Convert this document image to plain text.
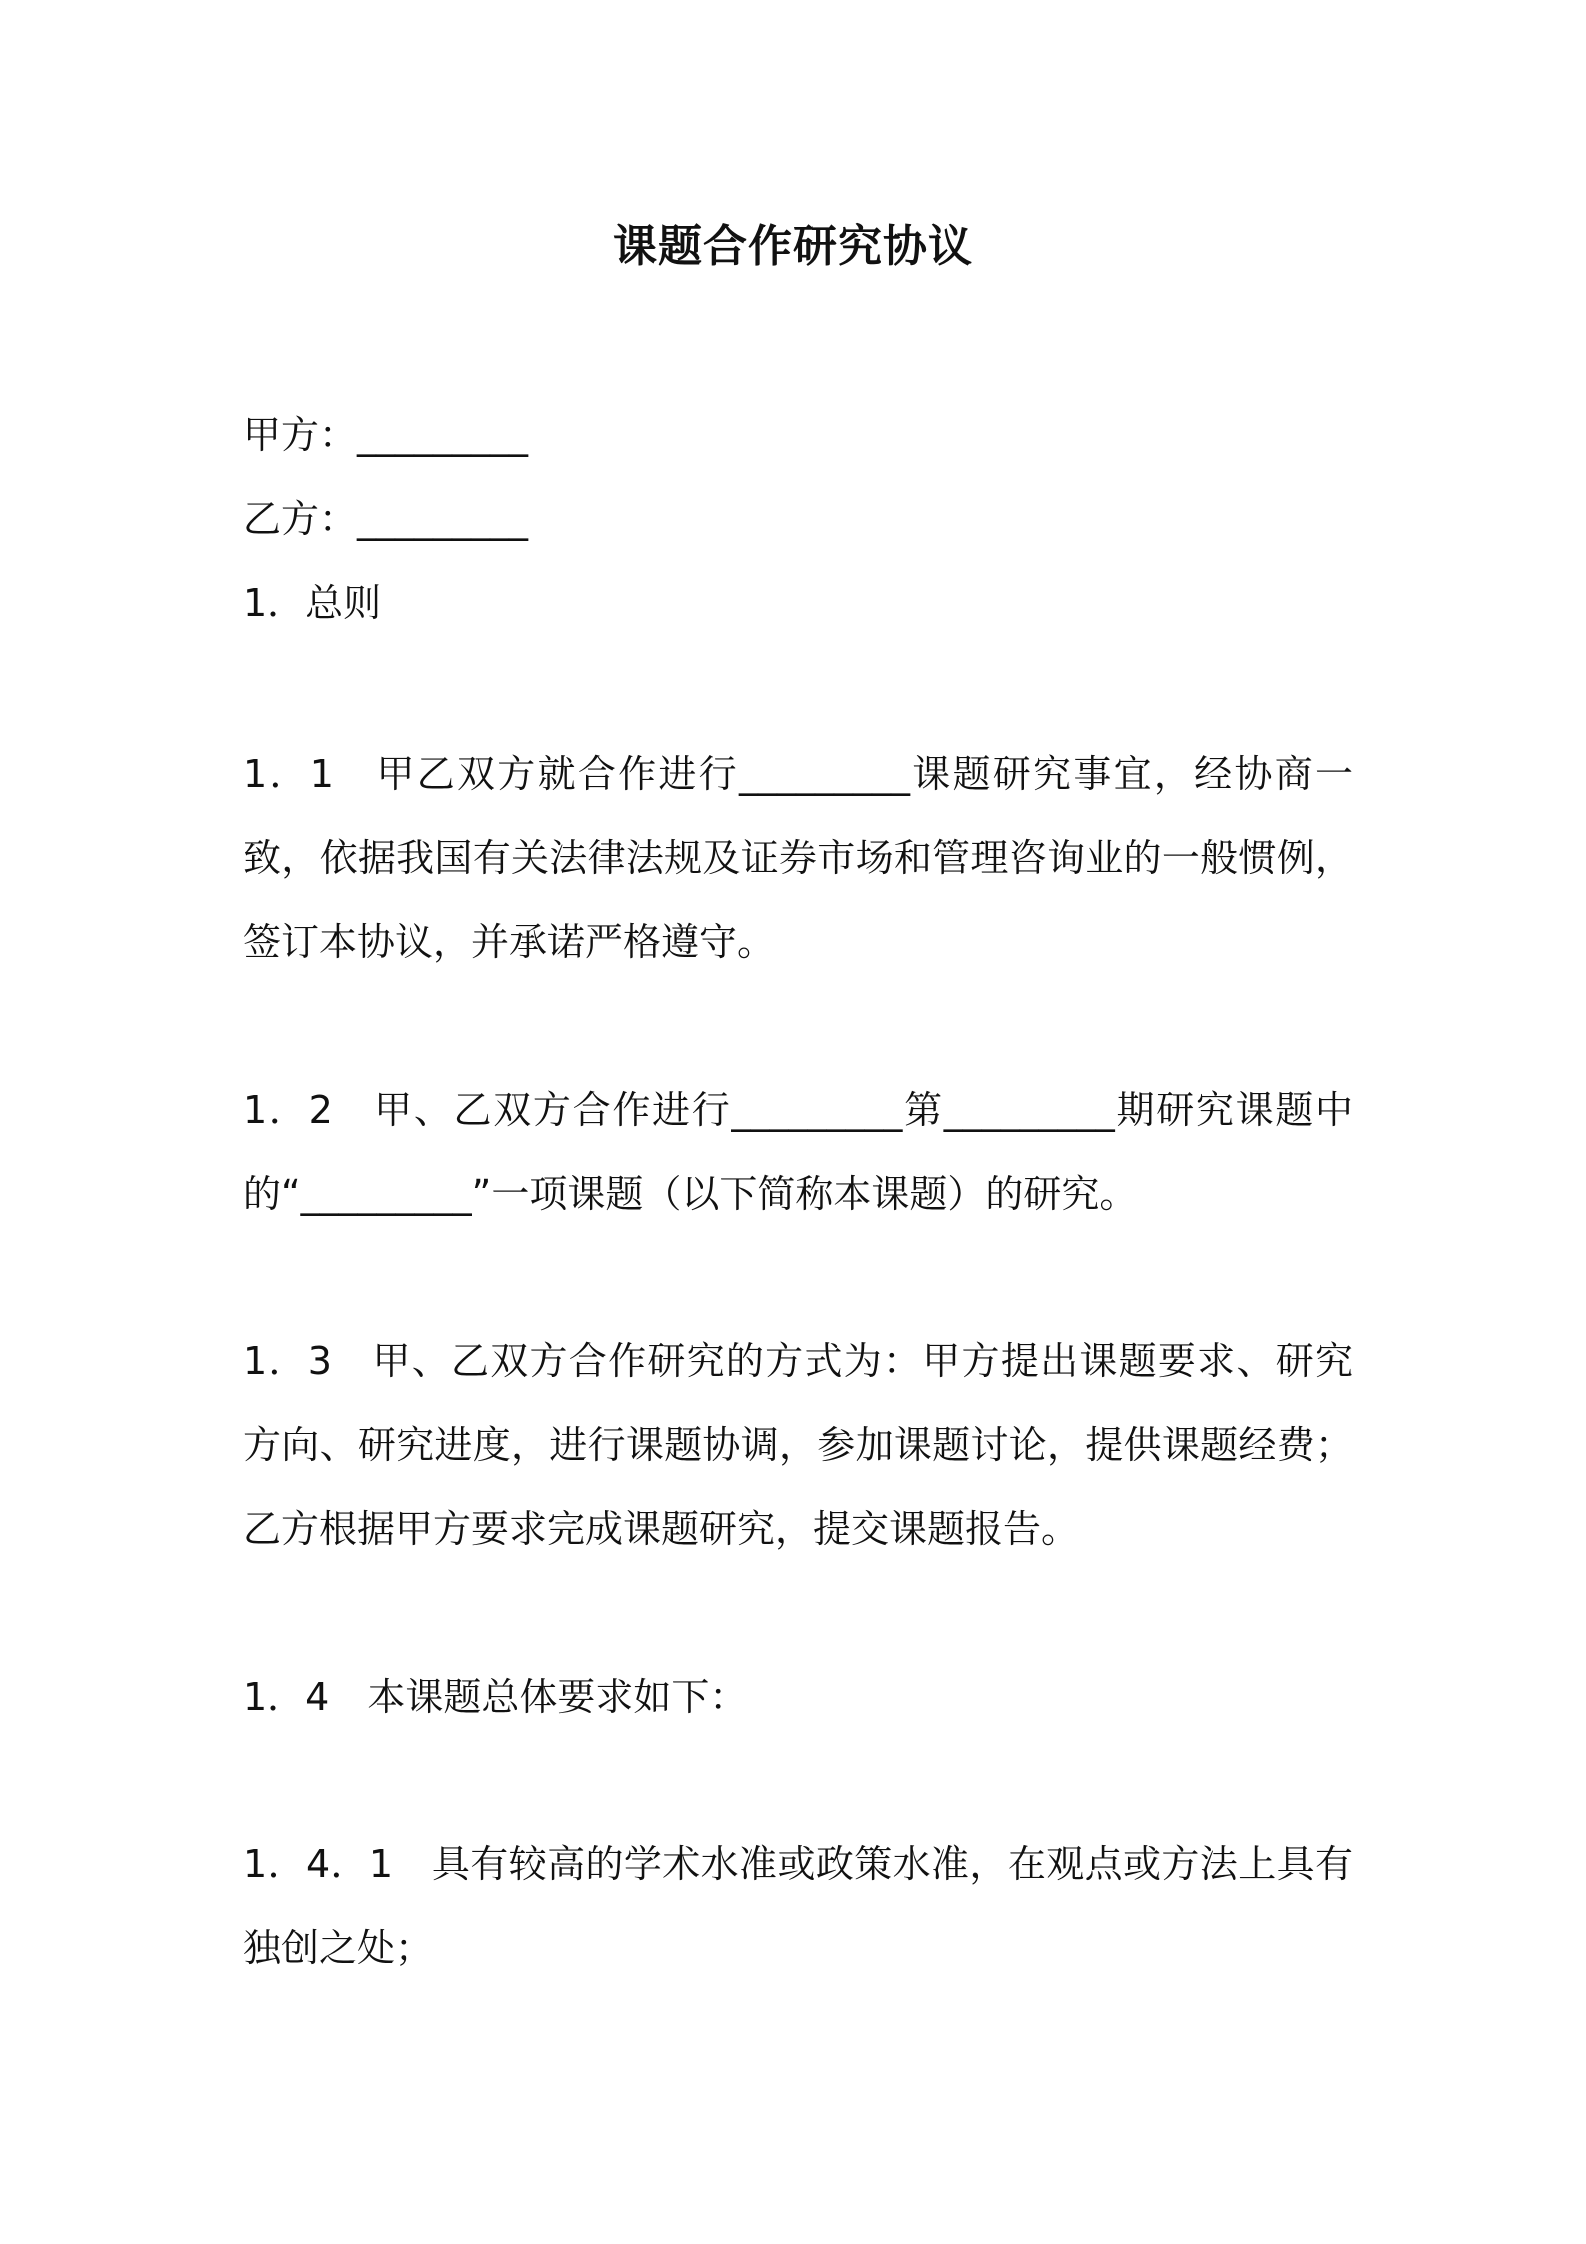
课题合作研究协议
甲方：_________
乙方：_________
1．总则
1．1　甲乙双方就合作进行_________课题研究事宜，经协商一致，依据我国有关法律法规及证券市场和管理咨询业的一般惯例，签订本协议，并承诺严格遵守。
1．2　甲、乙双方合作进行_________第_________期研究课题中的“_________”一项课题（以下简称本课题）的研究。
1．3　甲、乙双方合作研究的方式为：甲方提出课题要求、研究方向、研究进度，进行课题协调，参加课题讨论，提供课题经费；乙方根据甲方要求完成课题研究，提交课题报告。
1．4　本课题总体要求如下：
1．4．1　具有较高的学术水准或政策水准，在观点或方法上具有独创之处；
